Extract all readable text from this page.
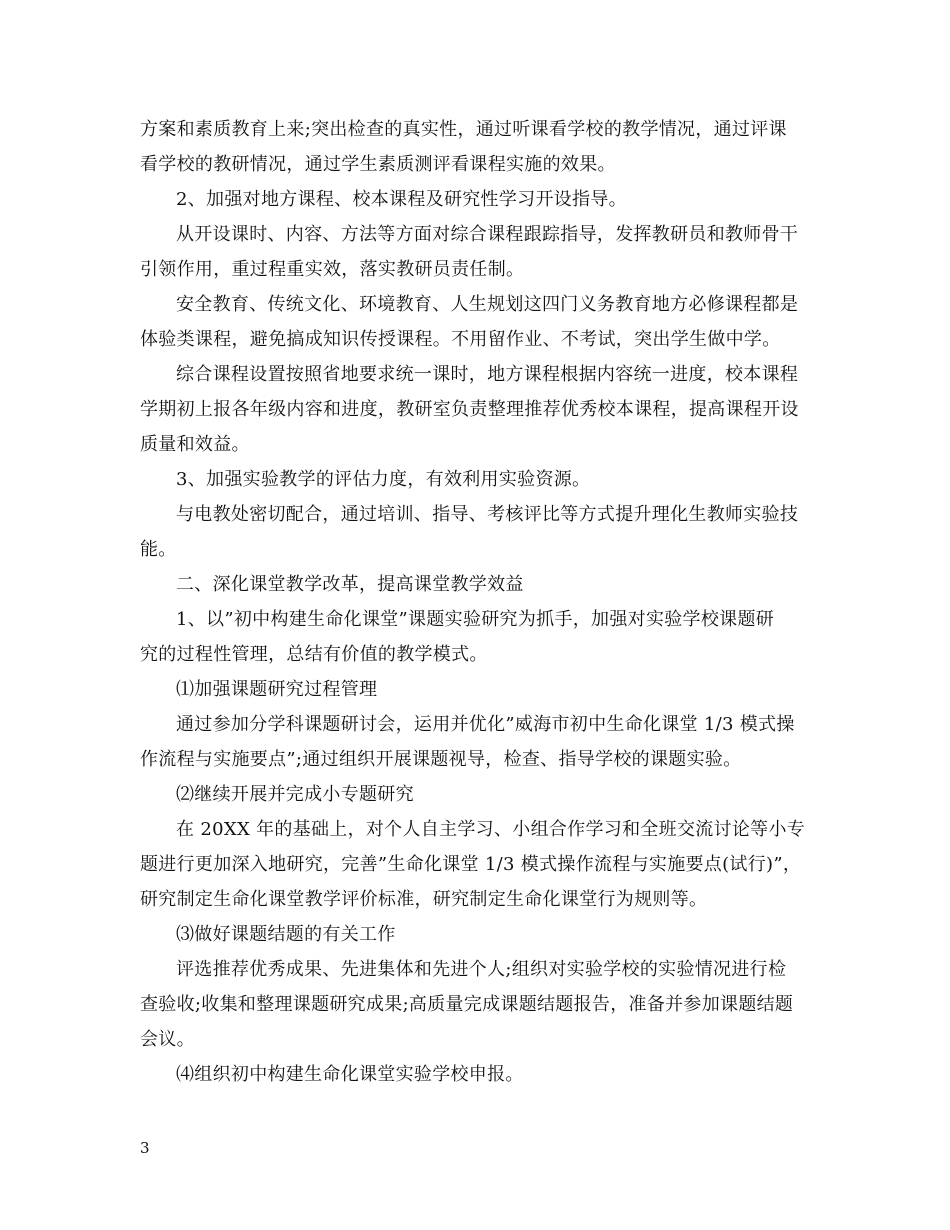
方案和素质教育上来;突出检查的真实性，通过听课看学校的教学情况，通过评课
看学校的教研情况，通过学生素质测评看课程实施的效果。

2、加强对地方课程、校本课程及研究性学习开设指导。

从开设课时、内容、方法等方面对综合课程跟踪指导，发挥教研员和教师骨干
引领作用，重过程重实效，落实教研员责任制。

安全教育、传统文化、环境教育、人生规划这四门义务教育地方必修课程都是
体验类课程，避免搞成知识传授课程。不用留作业、不考试，突出学生做中学。

综合课程设置按照省地要求统一课时，地方课程根据内容统一进度，校本课程
学期初上报各年级内容和进度，教研室负责整理推荐优秀校本课程，提高课程开设
质量和效益。

3、加强实验教学的评估力度，有效利用实验资源。

与电教处密切配合，通过培训、指导、考核评比等方式提升理化生教师实验技
能。

二、深化课堂教学改革，提高课堂教学效益

1、以”初中构建生命化课堂”课题实验研究为抓手，加强对实验学校课题研
究的过程性管理，总结有价值的教学模式。

⑴加强课题研究过程管理

通过参加分学科课题研讨会，运用并优化”威海市初中生命化课堂 1/3 模式操
作流程与实施要点”;通过组织开展课题视导，检查、指导学校的课题实验。

⑵继续开展并完成小专题研究

在 20XX 年的基础上，对个人自主学习、小组合作学习和全班交流讨论等小专
题进行更加深入地研究，完善”生命化课堂 1/3 模式操作流程与实施要点(试行)”，
研究制定生命化课堂教学评价标准，研究制定生命化课堂行为规则等。

⑶做好课题结题的有关工作

评选推荐优秀成果、先进集体和先进个人;组织对实验学校的实验情况进行检
查验收;收集和整理课题研究成果;高质量完成课题结题报告，准备并参加课题结题
会议。

⑷组织初中构建生命化课堂实验学校申报。

3
